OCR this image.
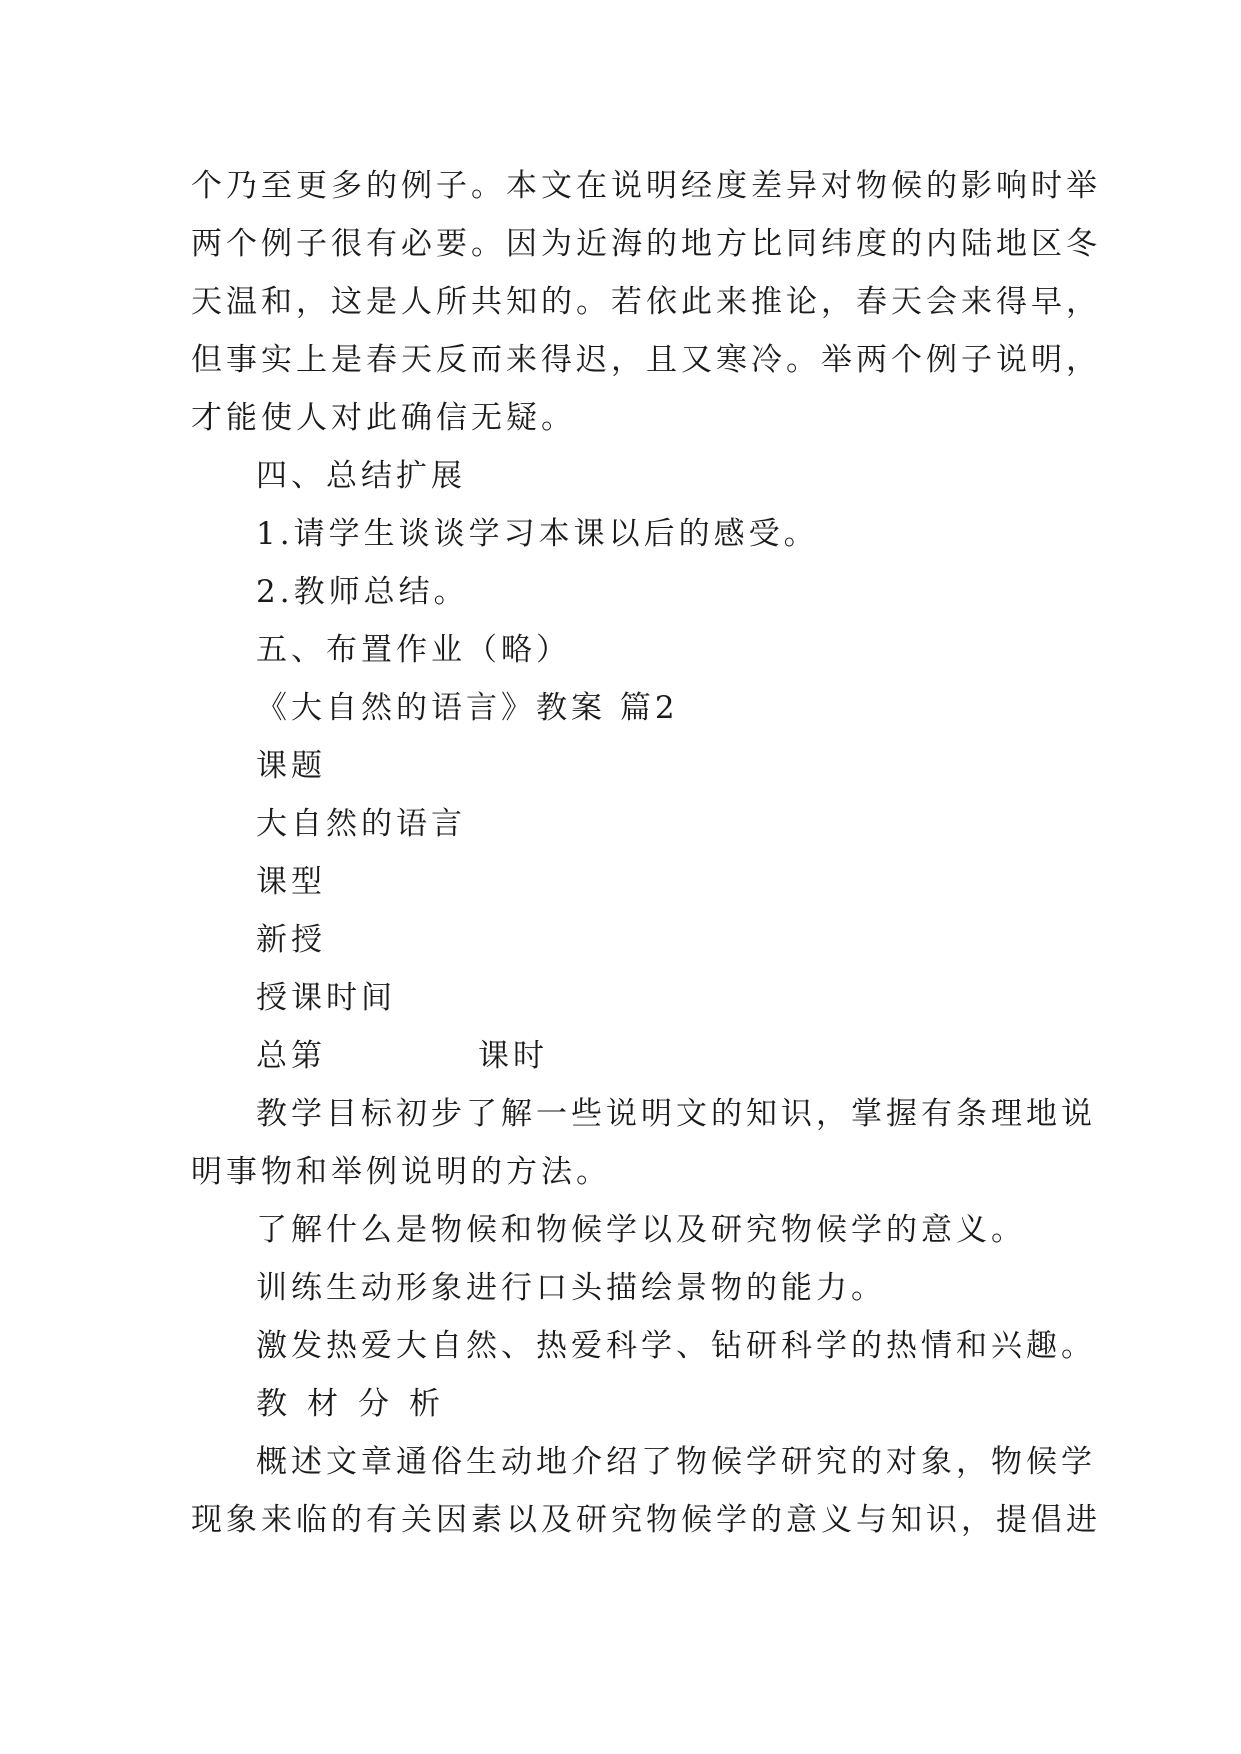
个乃至更多的例子。本文在说明经度差异对物候的影响时举
两个例子很有必要。因为近海的地方比同纬度的内陆地区冬
天温和，这是人所共知的。若依此来推论，春天会来得早，
但事实上是春天反而来得迟，且又寒冷。举两个例子说明，
才能使人对此确信无疑。
四、总结扩展
1.请学生谈谈学习本课以后的感受。
2.教师总结。
五、布置作业（略）
《大自然的语言》教案 篇2
课题
大自然的语言
课型
新授
授课时间
总第	课时
教学目标初步了解一些说明文的知识，掌握有条理地说
明事物和举例说明的方法。
了解什么是物候和物候学以及研究物候学的意义。
训练生动形象进行口头描绘景物的能力。
激发热爱大自然、热爱科学、钻研科学的热情和兴趣。
教材分析
概述文章通俗生动地介绍了物候学研究的对象，物候学
现象来临的有关因素以及研究物候学的意义与知识，提倡进
